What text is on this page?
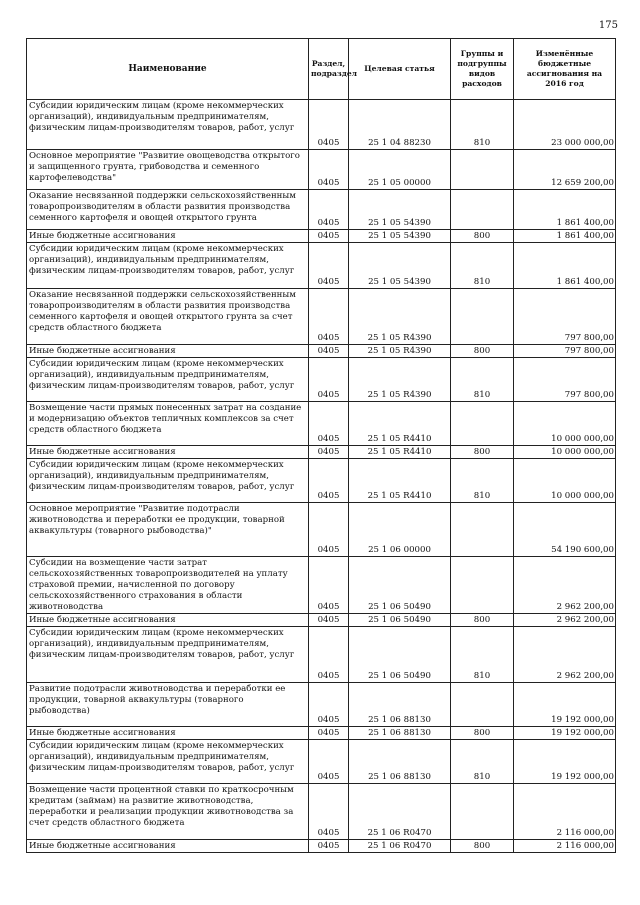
175
Наименование	Раздел, подраздел	Целевая статья	Группы и подгруппы видов расходов	Изменённые бюджетные ассигнования на 2016 год
Субсидии юридическим лицам (кроме некоммерческих организаций), индивидуальным предпринимателям, физическим лицам-производителям товаров, работ, услуг	0405	25 1 04 88230	810	23 000 000,00
Основное мероприятие "Развитие овощеводства открытого и защищенного грунта, грибоводства и семенного картофелеводства"	0405	25 1 05 00000		12 659 200,00
Оказание несвязанной поддержки сельскохозяйственным товаропроизводителям в области развития производства семенного картофеля и овощей открытого грунта	0405	25 1 05 54390		1 861 400,00
Иные бюджетные ассигнования	0405	25 1 05 54390	800	1 861 400,00
Субсидии юридическим лицам (кроме некоммерческих организаций), индивидуальным предпринимателям, физическим лицам-производителям товаров, работ, услуг	0405	25 1 05 54390	810	1 861 400,00
Оказание несвязанной поддержки сельскохозяйственным товаропроизводителям в области развития производства семенного картофеля и овощей открытого грунта за счет средств областного бюджета	0405	25 1 05 R4390		797 800,00
Иные бюджетные ассигнования	0405	25 1 05 R4390	800	797 800,00
Субсидии юридическим лицам (кроме некоммерческих организаций), индивидуальным предпринимателям, физическим лицам-производителям товаров, работ, услуг	0405	25 1 05 R4390	810	797 800,00
Возмещение части прямых понесенных затрат на создание и модернизацию объектов тепличных комплексов за счет средств областного бюджета	0405	25 1 05 R4410		10 000 000,00
Иные бюджетные ассигнования	0405	25 1 05 R4410	800	10 000 000,00
Субсидии юридическим лицам (кроме некоммерческих организаций), индивидуальным предпринимателям, физическим лицам-производителям товаров, работ, услуг	0405	25 1 05 R4410	810	10 000 000,00
Основное мероприятие "Развитие подотрасли животноводства и переработки ее продукции, товарной аквакультуры (товарного рыбоводства)"	0405	25 1 06 00000		54 190 600,00
Субсидии на возмещение части затрат сельскохозяйственных товаропроизводителей на уплату страховой премии, начисленной по договору сельскохозяйственного страхования в области животноводства	0405	25 1 06 50490		2 962 200,00
Иные бюджетные ассигнования	0405	25 1 06 50490	800	2 962 200,00
Субсидии юридическим лицам (кроме некоммерческих организаций), индивидуальным предпринимателям, физическим лицам-производителям товаров, работ, услуг	0405	25 1 06 50490	810	2 962 200,00
Развитие подотрасли животноводства и переработки ее продукции, товарной аквакультуры (товарного рыбоводства)	0405	25 1 06 88130		19 192 000,00
Иные бюджетные ассигнования	0405	25 1 06 88130	800	19 192 000,00
Субсидии юридическим лицам (кроме некоммерческих организаций), индивидуальным предпринимателям, физическим лицам-производителям товаров, работ, услуг	0405	25 1 06 88130	810	19 192 000,00
Возмещение части процентной ставки по краткосрочным кредитам (займам) на развитие животноводства, переработки и реализации продукции животноводства за счет средств областного бюджета	0405	25 1 06 R0470		2 116 000,00
Иные бюджетные ассигнования	0405	25 1 06 R0470	800	2 116 000,00
